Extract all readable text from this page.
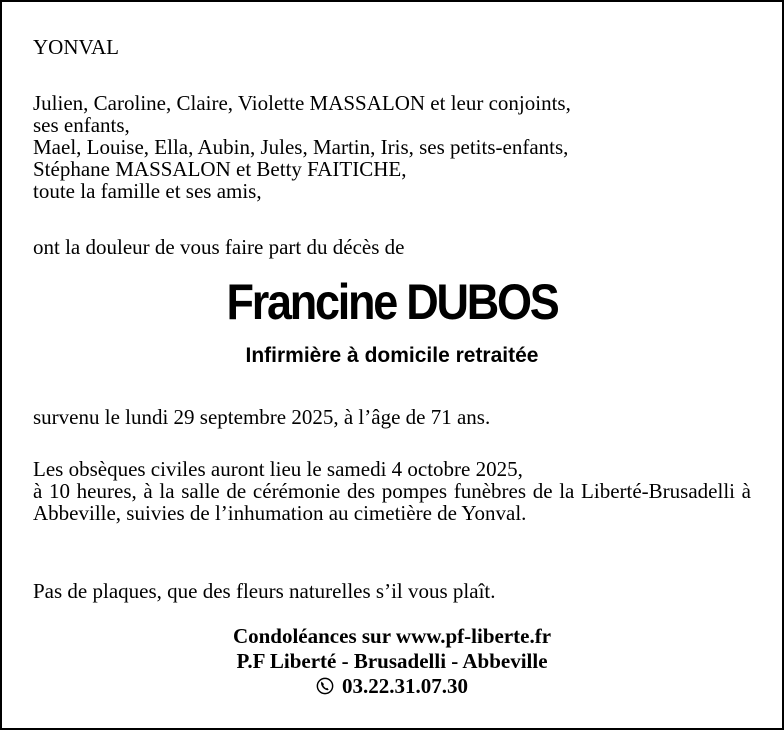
YONVAL
Julien, Caroline, Claire, Violette MASSALON et leur conjoints,
ses enfants,
Mael, Louise, Ella, Aubin, Jules, Martin, Iris, ses petits-enfants,
Stéphane MASSALON et Betty FAITICHE,
toute la famille et ses amis,
ont la douleur de vous faire part du décès de
Francine DUBOS
Infirmière à domicile retraitée
survenu le lundi 29 septembre 2025, à l’âge de 71 ans.
Les obsèques civiles auront lieu le samedi 4 octobre 2025,
à 10 heures, à la salle de cérémonie des pompes funèbres de la Liberté-Brusadelli à Abbeville, suivies de l’inhumation au cimetière de Yonval.
Pas de plaques, que des fleurs naturelles s’il vous plaît.
Condoléances sur www.pf-liberte.fr
P.F Liberté - Brusadelli - Abbeville
03.22.31.07.30
